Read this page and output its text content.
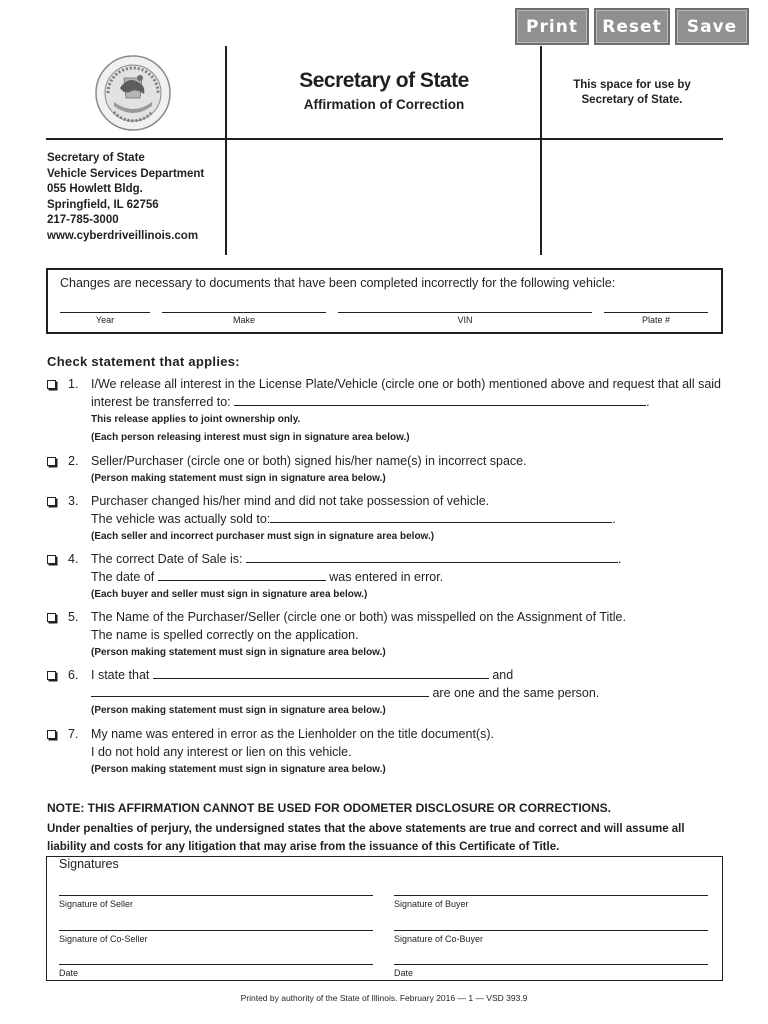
Print	Reset	Save
Secretary of State
Affirmation of Correction
This space for use by
Secretary of State.
Secretary of State
Vehicle Services Department
055 Howlett Bldg.
Springfield, IL 62756
217-785-3000
www.cyberdriveillinois.com
Changes are necessary to documents that have been completed incorrectly for the following vehicle:
Year	Make	VIN	Plate #
Check statement that applies:
1. I/We release all interest in the License Plate/Vehicle (circle one or both) mentioned above and request that all said
interest be transferred to:	.
This release applies to joint ownership only.
(Each person releasing interest must sign in signature area below.)
2. Seller/Purchaser (circle one or both) signed his/her name(s) in incorrect space.
(Person making statement must sign in signature area below.)
3. Purchaser changed his/her mind and did not take possession of vehicle.
The vehicle was actually sold to:	.
(Each seller and incorrect purchaser must sign in signature area below.)
4. The correct Date of Sale is:	.
The date of	was entered in error.
(Each buyer and seller must sign in signature area below.)
5. The Name of the Purchaser/Seller (circle one or both) was misspelled on the Assignment of Title.
The name is spelled correctly on the application.
(Person making statement must sign in signature area below.)
6. I state that	and
are one and the same person.
(Person making statement must sign in signature area below.)
7. My name was entered in error as the Lienholder on the title document(s).
I do not hold any interest or lien on this vehicle.
(Person making statement must sign in signature area below.)
NOTE: THIS AFFIRMATION CANNOT BE USED FOR ODOMETER DISCLOSURE OR CORRECTIONS.
Under penalties of perjury, the undersigned states that the above statements are true and correct and will assume all liability and costs for any litigation that may arise from the issuance of this Certificate of Title.
Signatures
Signature of Seller	Signature of Buyer
Signature of Co-Seller	Signature of Co-Buyer
Date	Date
Printed by authority of the State of Illinois. February 2016 — 1 — VSD 393.9
